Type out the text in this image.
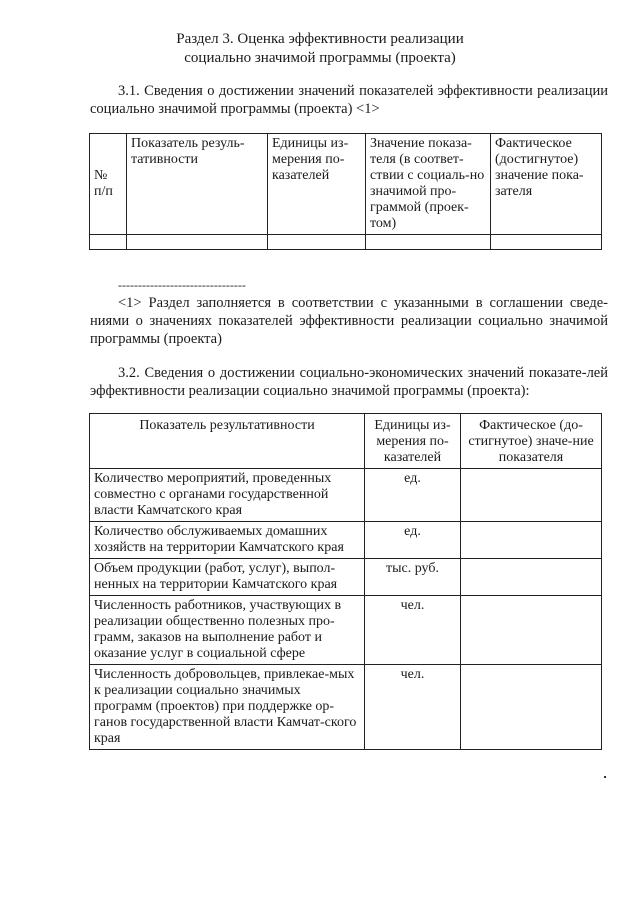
Раздел 3. Оценка эффективности реализации
социально значимой программы (проекта)
3.1. Сведения о достижении значений показателей эффективности реализации социально значимой программы (проекта) <1>
№ п/п	Показатель резуль-тативности	Единицы из-мерения по-казателей	Значение показа-теля (в соответ-ствии с социаль-но значимой про-граммой (проек-том)	Фактическое (достигнутое) значение пока-зателя

--------------------------------
<1> Раздел заполняется в соответствии с указанными в соглашении сведе-ниями о значениях показателей эффективности реализации социально значимой программы (проекта)
3.2. Сведения о достижении социально-экономических значений показате-лей эффективности реализации социально значимой программы (проекта):
Показатель результативности	Единицы из-мерения по-казателей	Фактическое (до-стигнутое) значе-ние показателя
Количество мероприятий, проведенных совместно с органами государственной власти Камчатского края	ед.	
Количество обслуживаемых домашних хозяйств на территории Камчатского края	ед.	
Объем продукции (работ, услуг), выпол-ненных на территории Камчатского края	тыс. руб.	
Численность работников, участвующих в реализации общественно полезных про-грамм, заказов на выполнение работ и оказание услуг в социальной сфере	чел.	
Численность добровольцев, привлекае-мых к реализации социально значимых программ (проектов) при поддержке ор-ганов государственной власти Камчат-ского края	чел.	
